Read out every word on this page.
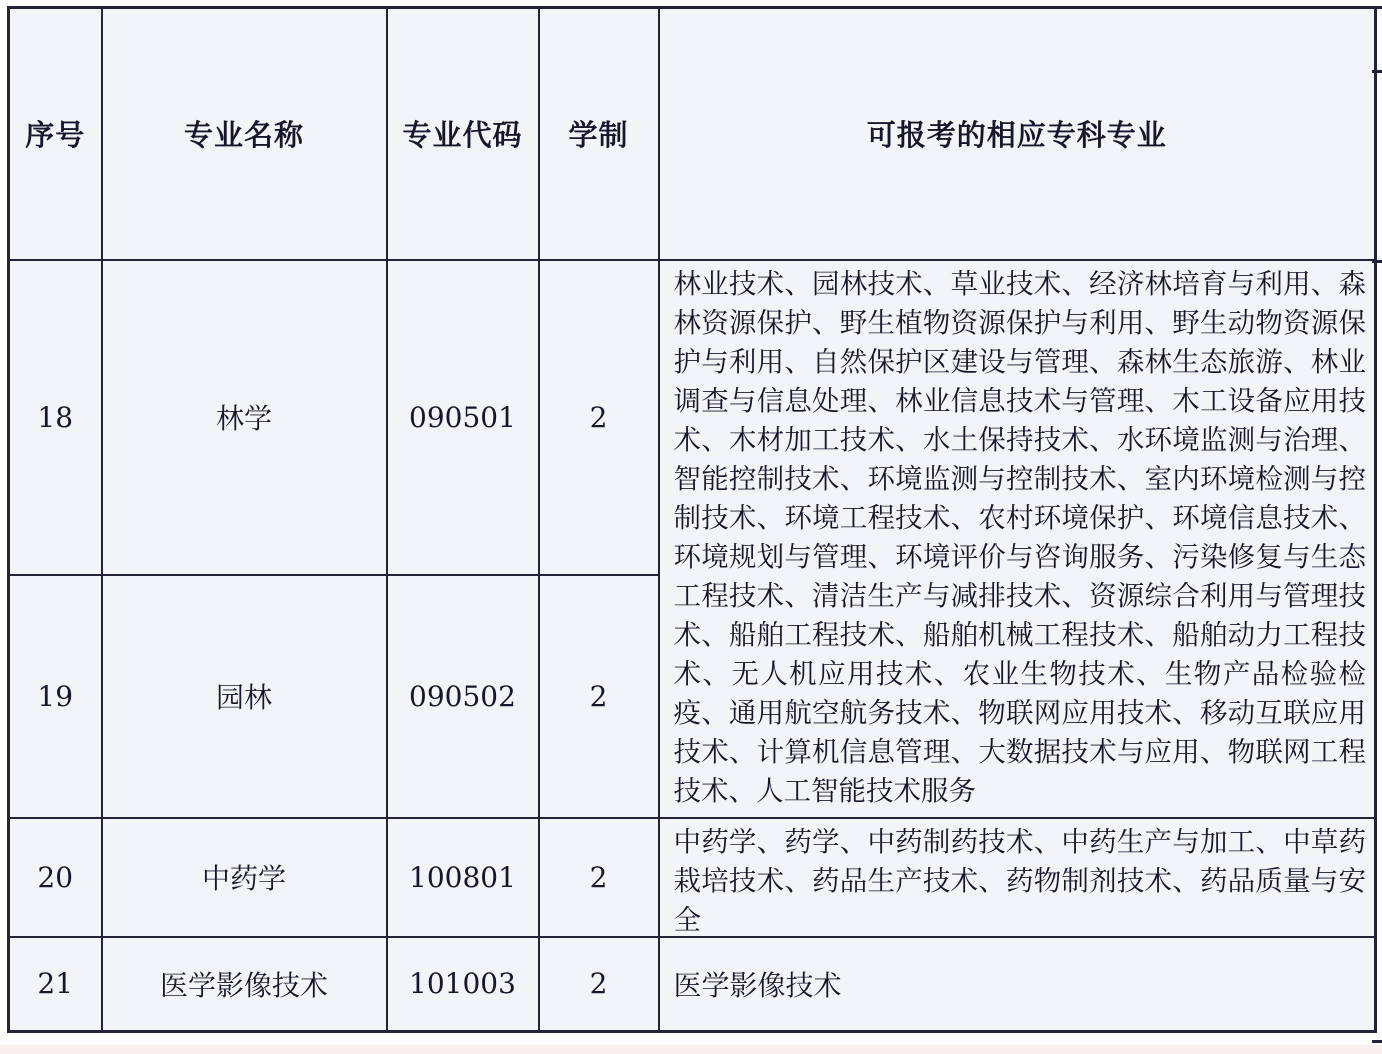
序号	专业名称	专业代码	学制	可报考的相应专科专业
18	林学	090501	2	林业技术、园林技术、草业技术、经济林培育与利用、森林资源保护、野生植物资源保护与利用、野生动物资源保护与利用、自然保护区建设与管理、森林生态旅游、林业调查与信息处理、林业信息技术与管理、木工设备应用技术、木材加工技术、水土保持技术、水环境监测与治理、智能控制技术、环境监测与控制技术、室内环境检测与控制技术、环境工程技术、农村环境保护、环境信息技术、环境规划与管理、环境评价与咨询服务、污染修复与生态工程技术、清洁生产与减排技术、资源综合利用与管理技术、船舶工程技术、船舶机械工程技术、船舶动力工程技术、无人机应用技术、农业生物技术、生物产品检验检疫、通用航空航务技术、物联网应用技术、移动互联应用技术、计算机信息管理、大数据技术与应用、物联网工程技术、人工智能技术服务

19	园林	090502	2	
20	中药学	100801	2	中药学、药学、中药制药技术、中药生产与加工、中草药栽培技术、药品生产技术、药物制剂技术、药品质量与安全

21	医学影像技术	101003	2	医学影像技术
